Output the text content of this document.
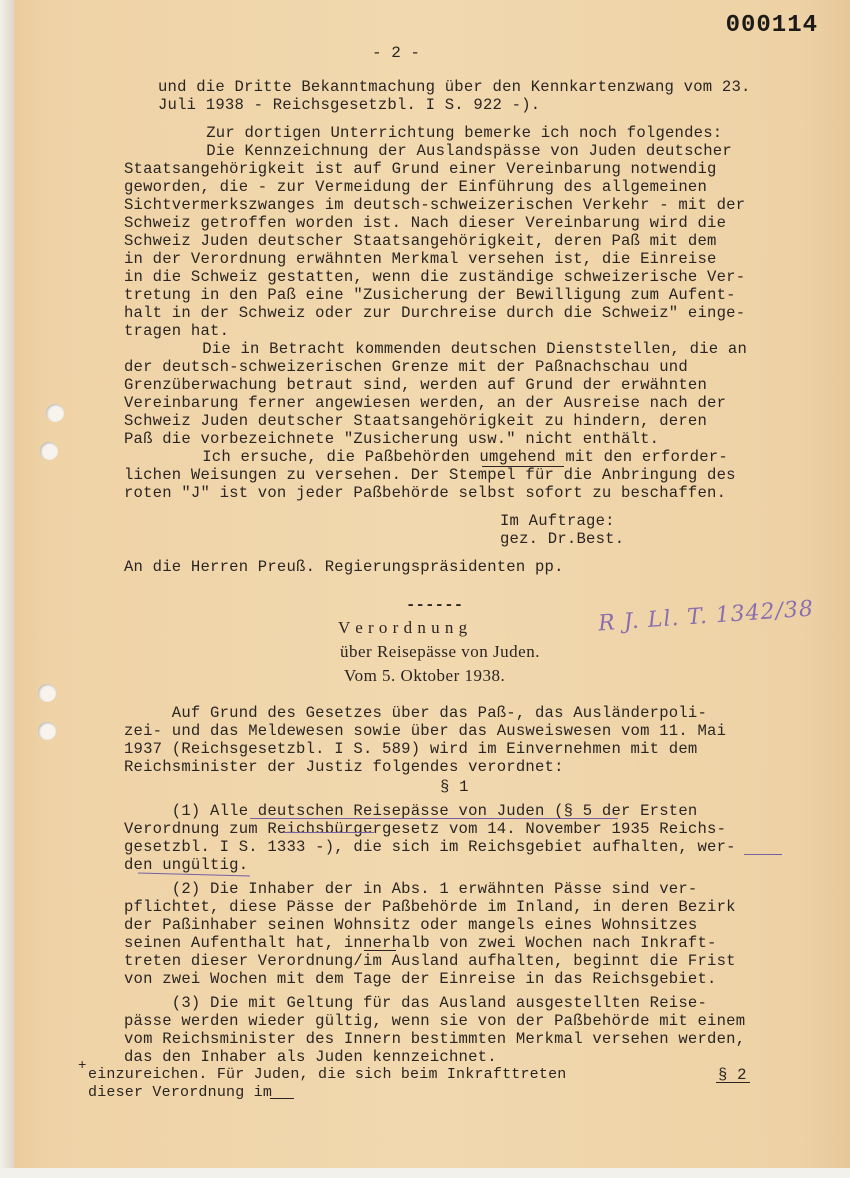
000114
- 2 -
und die Dritte Bekanntmachung über den Kennkartenzwang vom 23.
Juli 1938 - Reichsgesetzbl. I S. 922 -).
Zur dortigen Unterrichtung bemerke ich noch folgendes:
Die Kennzeichnung der Auslandspässe von Juden deutscher
Staatsangehörigkeit ist auf Grund einer Vereinbarung notwendig
geworden, die - zur Vermeidung der Einführung des allgemeinen
Sichtvermerkszwanges im deutsch-schweizerischen Verkehr - mit der
Schweiz getroffen worden ist. Nach dieser Vereinbarung wird die
Schweiz Juden deutscher Staatsangehörigkeit, deren Paß mit dem
in der Verordnung erwähnten Merkmal versehen ist, die Einreise
in die Schweiz gestatten, wenn die zuständige schweizerische Ver-
tretung in den Paß eine "Zusicherung der Bewilligung zum Aufent-
halt in der Schweiz oder zur Durchreise durch die Schweiz" einge-
tragen hat.
Die in Betracht kommenden deutschen Dienststellen, die an
der deutsch-schweizerischen Grenze mit der Paßnachschau und
Grenzüberwachung betraut sind, werden auf Grund der erwähnten
Vereinbarung ferner angewiesen werden, an der Ausreise nach der
Schweiz Juden deutscher Staatsangehörigkeit zu hindern, deren
Paß die vorbezeichnete "Zusicherung usw." nicht enthält.
Ich ersuche, die Paßbehörden umgehend mit den erforder-
lichen Weisungen zu versehen. Der Stempel für die Anbringung des
roten "J" ist von jeder Paßbehörde selbst sofort zu beschaffen.
Im Auftrage:
gez. Dr.Best.
An die Herren Preuß. Regierungspräsidenten pp.
------
V e r o r d n u n g
über Reisepässe von Juden.
Vom 5. Oktober 1938.
R J. Ll. T. 1342/38
Auf Grund des Gesetzes über das Paß-, das Ausländerpoli-
zei- und das Meldewesen sowie über das Ausweiswesen vom 11. Mai
1937 (Reichsgesetzbl. I S. 589) wird im Einvernehmen mit dem
Reichsminister der Justiz folgendes verordnet:
§ 1
(1) Alle deutschen Reisepässe von Juden (§ 5 der Ersten
Verordnung zum Reichsbürgergesetz vom 14. November 1935 Reichs-
gesetzbl. I S. 1333 -), die sich im Reichsgebiet aufhalten, wer-
den ungültig.
(2) Die Inhaber der in Abs. 1 erwähnten Pässe sind ver-
pflichtet, diese Pässe der Paßbehörde im Inland, in deren Bezirk
der Paßinhaber seinen Wohnsitz oder mangels eines Wohnsitzes
seinen Aufenthalt hat, innerhalb von zwei Wochen nach Inkraft-
treten dieser Verordnung/im Ausland aufhalten, beginnt die Frist
von zwei Wochen mit dem Tage der Einreise in das Reichsgebiet.
(3) Die mit Geltung für das Ausland ausgestellten Reise-
pässe werden wieder gültig, wenn sie von der Paßbehörde mit einem
vom Reichsminister des Innern bestimmten Merkmal versehen werden,
das den Inhaber als Juden kennzeichnet.
+ einzureichen. Für Juden, die sich beim Inkrafttreten
dieser Verordnung im
§ 2
